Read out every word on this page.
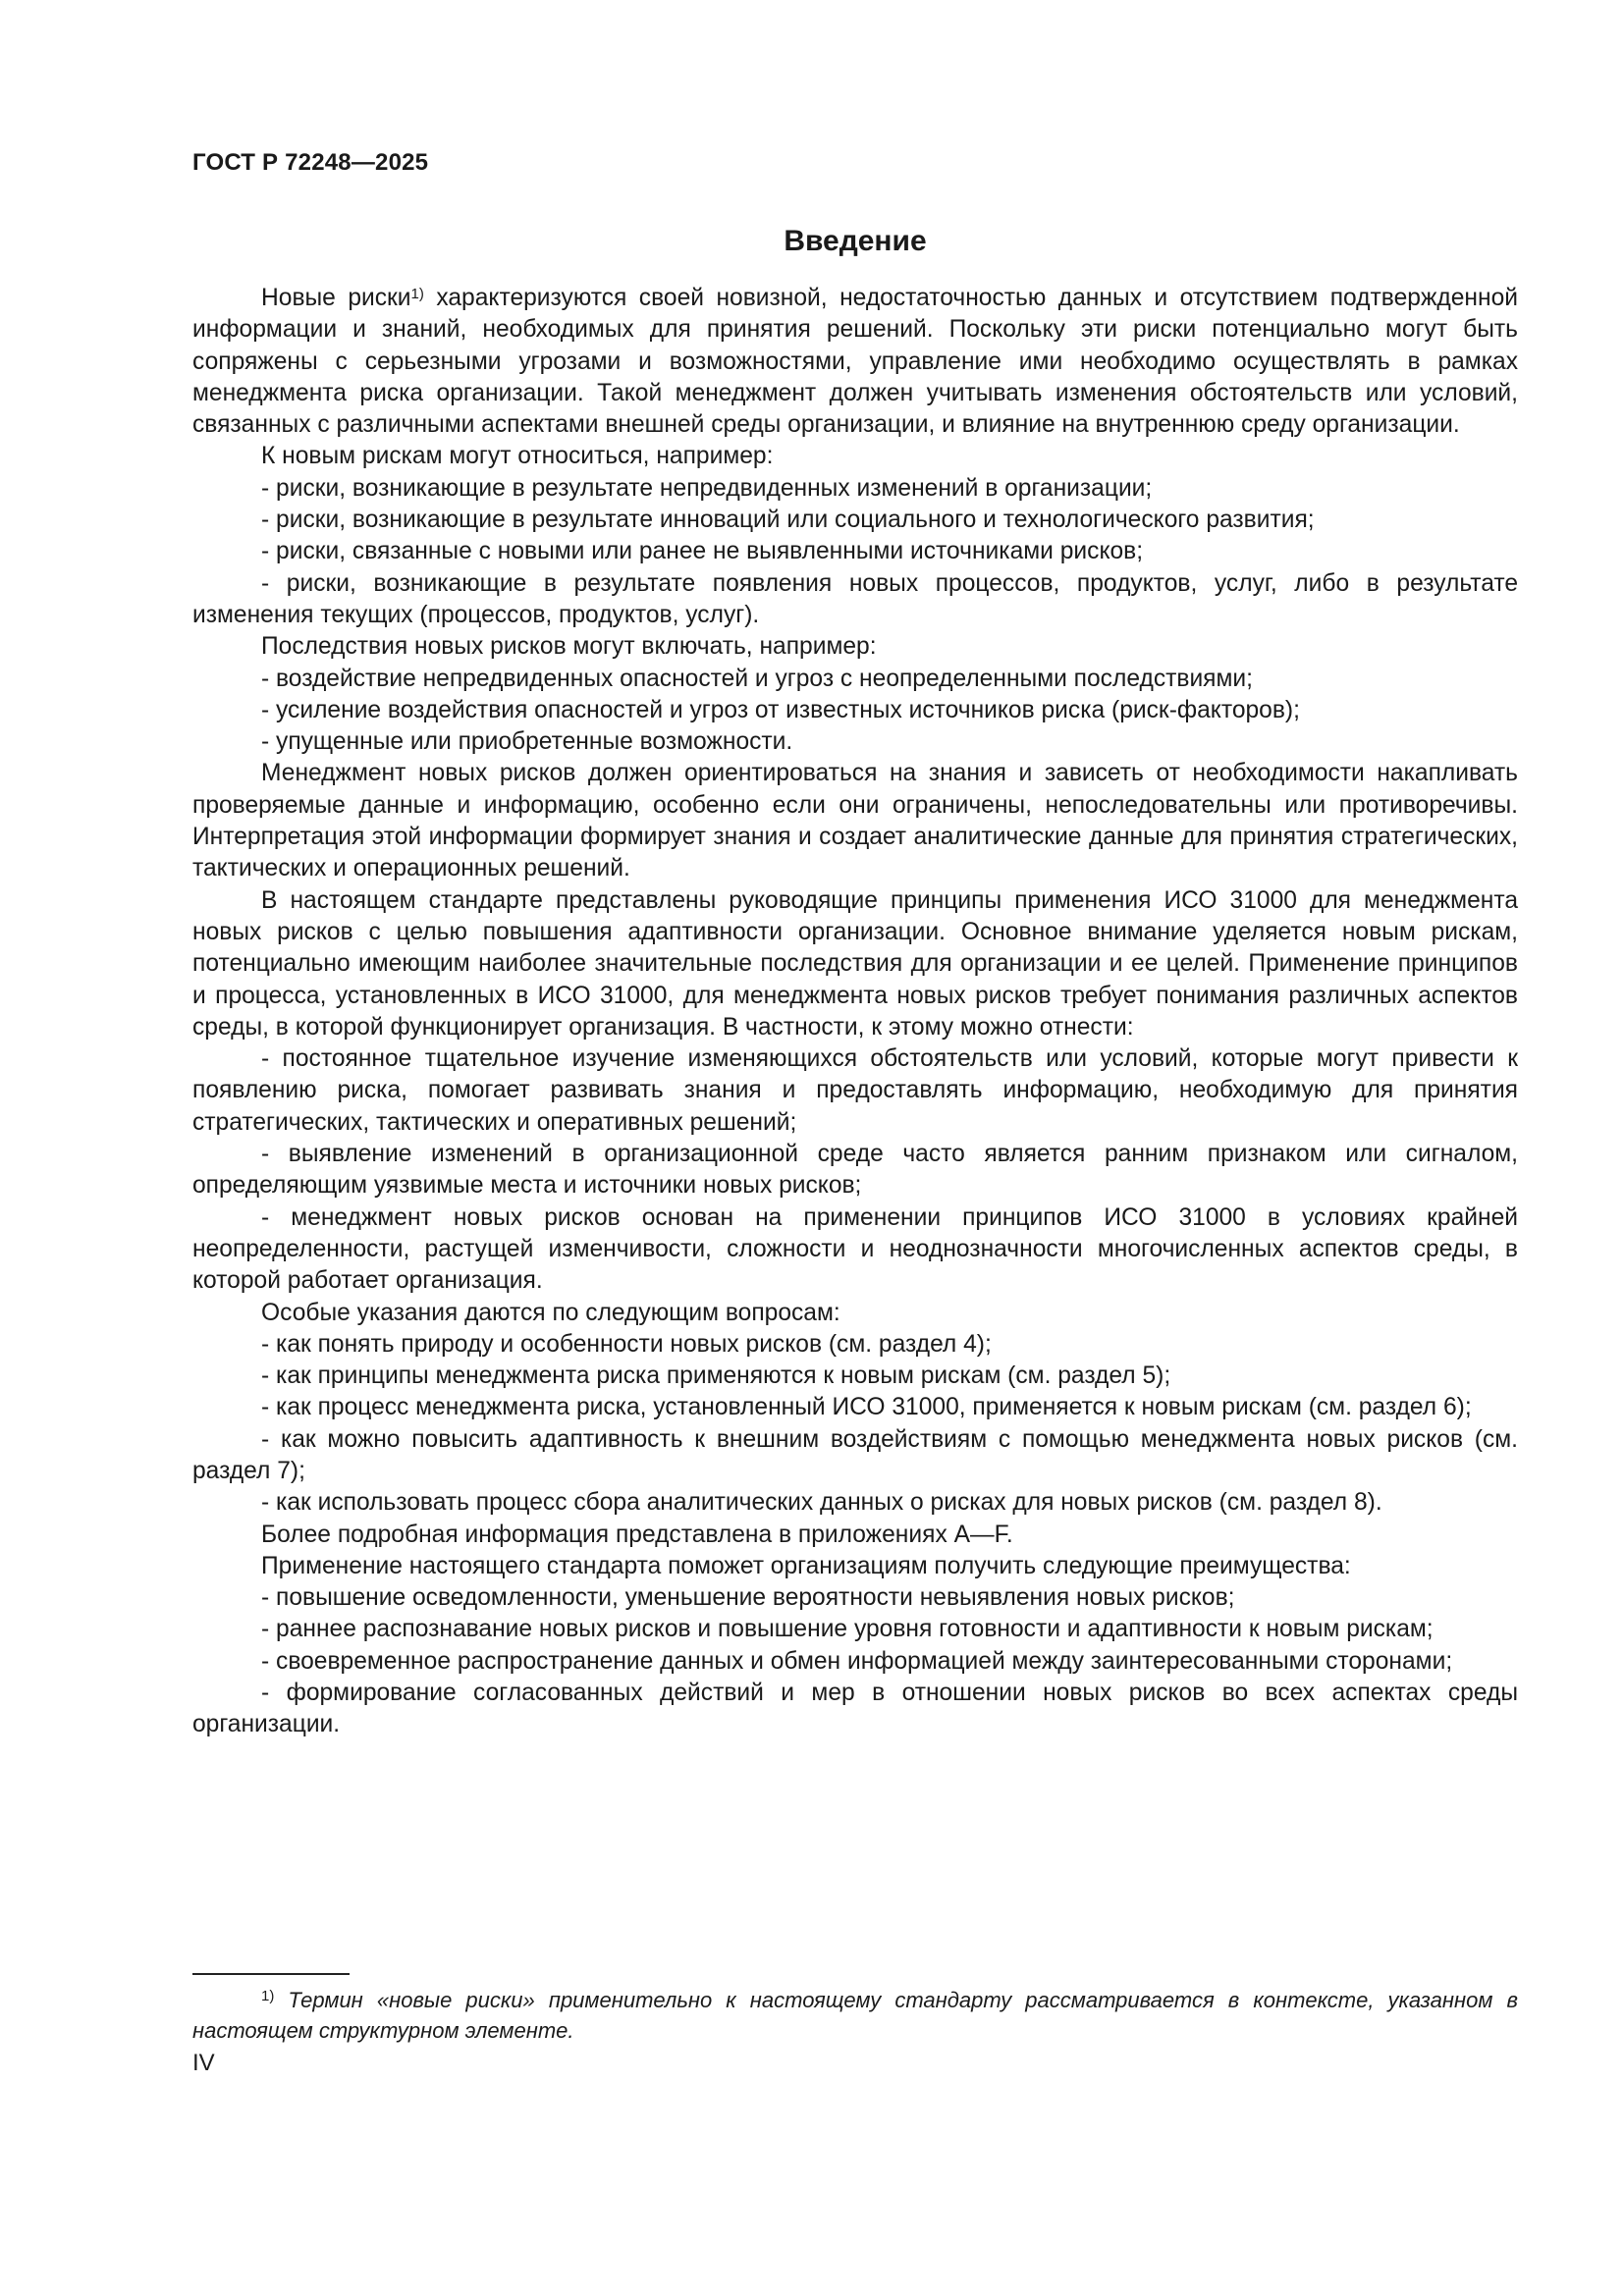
ГОСТ Р 72248—2025
Введение

Новые риски$^{1)}$ характеризуются своей новизной, недостаточностью данных и отсутствием подтвержденной информации и знаний, необходимых для принятия решений. Поскольку эти риски потенциально могут быть сопряжены с серьезными угрозами и возможностями, управление ими необходимо осуществлять в рамках менеджмента риска организации. Такой менеджмент должен учитывать изменения обстоятельств или условий, связанных с различными аспектами внешней среды организации, и влияние на внутреннюю среду организации.

К новым рискам могут относиться, например:

- риски, возникающие в результате непредвиденных изменений в организации;

- риски, возникающие в результате инноваций или социального и технологического развития;

- риски, связанные с новыми или ранее не выявленными источниками рисков;

- риски, возникающие в результате появления новых процессов, продуктов, услуг, либо в результате изменения текущих (процессов, продуктов, услуг).

Последствия новых рисков могут включать, например:

- воздействие непредвиденных опасностей и угроз с неопределенными последствиями;

- усиление воздействия опасностей и угроз от известных источников риска (риск-факторов);

- упущенные или приобретенные возможности.

Менеджмент новых рисков должен ориентироваться на знания и зависеть от необходимости накапливать проверяемые данные и информацию, особенно если они ограничены, непоследовательны или противоречивы. Интерпретация этой информации формирует знания и создает аналитические данные для принятия стратегических, тактических и операционных решений.

В настоящем стандарте представлены руководящие принципы применения ИСО 31000 для менеджмента новых рисков с целью повышения адаптивности организации. Основное внимание уделяется новым рискам, потенциально имеющим наиболее значительные последствия для организации и ее целей. Применение принципов и процесса, установленных в ИСО 31000, для менеджмента новых рисков требует понимания различных аспектов среды, в которой функционирует организация. В частности, к этому можно отнести:

- постоянное тщательное изучение изменяющихся обстоятельств или условий, которые могут привести к появлению риска, помогает развивать знания и предоставлять информацию, необходимую для принятия стратегических, тактических и оперативных решений;

- выявление изменений в организационной среде часто является ранним признаком или сигналом, определяющим уязвимые места и источники новых рисков;

- менеджмент новых рисков основан на применении принципов ИСО 31000 в условиях крайней неопределенности, растущей изменчивости, сложности и неоднозначности многочисленных аспектов среды, в которой работает организация.

Особые указания даются по следующим вопросам:

- как понять природу и особенности новых рисков (см. раздел 4);

- как принципы менеджмента риска применяются к новым рискам (см. раздел 5);

- как процесс менеджмента риска, установленный ИСО 31000, применяется к новым рискам (см. раздел 6);

- как можно повысить адаптивность к внешним воздействиям с помощью менеджмента новых рисков (см. раздел 7);

- как использовать процесс сбора аналитических данных о рисках для новых рисков (см. раздел 8).

Более подробная информация представлена в приложениях А—F.

Применение настоящего стандарта поможет организациям получить следующие преимущества:

- повышение осведомленности, уменьшение вероятности невыявления новых рисков;

- раннее распознавание новых рисков и повышение уровня готовности и адаптивности к новым рискам;

- своевременное распространение данных и обмен информацией между заинтересованными сторонами;

- формирование согласованных действий и мер в отношении новых рисков во всех аспектах среды организации.

$^{1)}$ Термин «новые риски» применительно к настоящему стандарту рассматривается в контексте, указанном в настоящем структурном элементе.
IV
